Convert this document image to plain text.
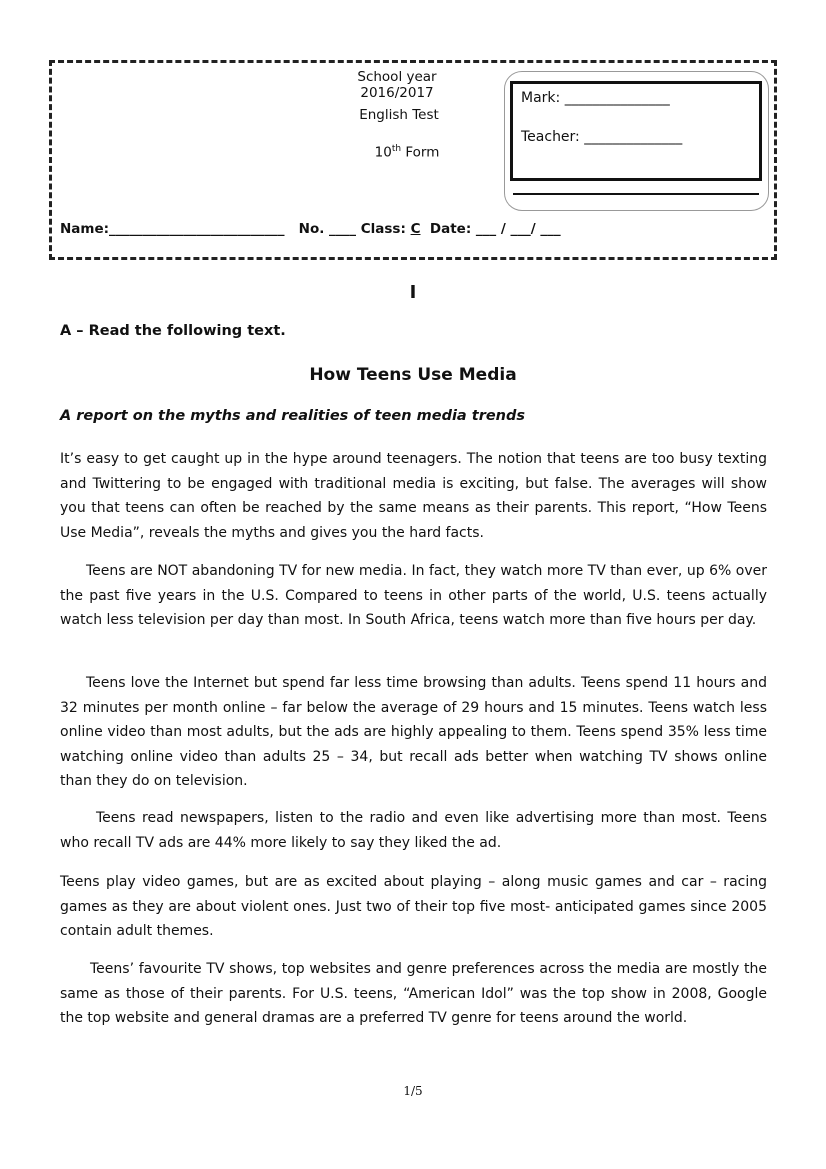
School year 2016/2017
English Test
10th Form
Mark: _______________
Teacher: ______________
Name:__________________________ No. ____ Class: C Date: ___ / ___/ ___
I
A – Read the following text.
How Teens Use Media
A report on the myths and realities of teen media trends

It’s easy to get caught up in the hype around teenagers. The notion that teens are too busy texting and Twittering to be engaged with traditional media is exciting, but false. The averages will show you that teens can often be reached by the same means as their parents. This report, “How Teens Use Media”, reveals the myths and gives you the hard facts.

Teens are NOT abandoning TV for new media. In fact, they watch more TV than ever, up 6% over the past five years in the U.S. Compared to teens in other parts of the world, U.S. teens actually watch less television per day than most. In South Africa, teens watch more than five hours per day.

Teens love the Internet but spend far less time browsing than adults. Teens spend 11 hours and 32 minutes per month online – far below the average of 29 hours and 15 minutes. Teens watch less online video than most adults, but the ads are highly appealing to them. Teens spend 35% less time watching online video than adults 25 – 34, but recall ads better when watching TV shows online than they do on television.

Teens read newspapers, listen to the radio and even like advertising more than most. Teens who recall TV ads are 44% more likely to say they liked the ad.

Teens play video games, but are as excited about playing – along music games and car – racing games as they are about violent ones. Just two of their top five most- anticipated games since 2005 contain adult themes.

Teens’ favourite TV shows, top websites and genre preferences across the media are mostly the same as those of their parents. For U.S. teens, “American Idol” was the top show in 2008, Google the top website and general dramas are a preferred TV genre for teens around the world.

1/5
